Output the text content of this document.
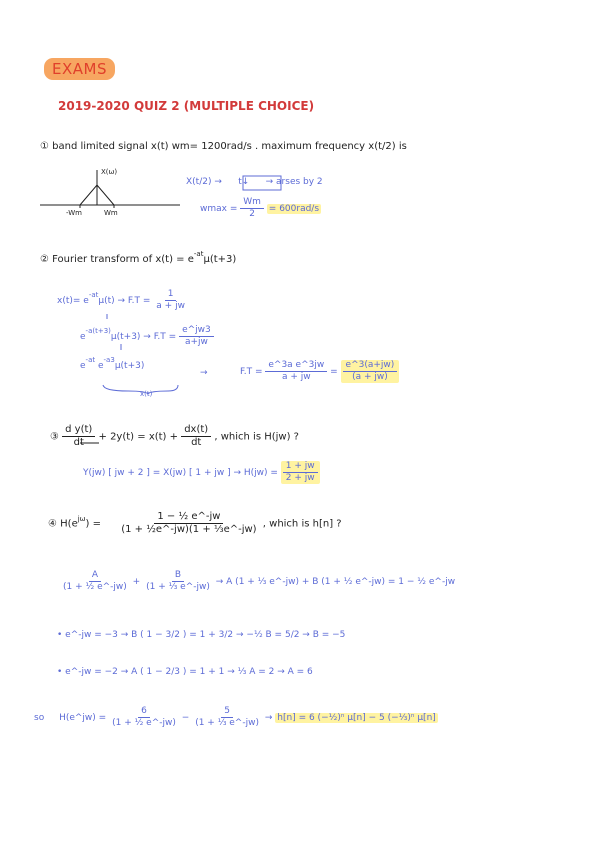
EXAMS
2019-2020 QUIZ 2 (MULTIPLE CHOICE)
① band limited signal x(t) wm= 1200rad/s . maximum frequency x(t/2) is
X(ω)
-Wm	Wm
X(t/2) → t↓ → arses by 2
$wmax = \frac{Wm}{2} = 600rad/s$
② Fourier transform of $x(t) = e^{-at}\mu(t+3)$
$x(t)= e^{-at}\mu(t) \to F.T = \frac{1}{a + jw}$
$e^{-a(t+3)}\mu(t+3) \to F.T = \frac{e\^{}jw3}{a+jw}$
$e^{-at}$ $e^{-a3}\mu(t+3)$
x(t)
→	$F.T = \frac{\text{e\textasciicircum{}3a e\textasciicircum{}3jw}}{a + jw} = \frac{e\^{}3(a+jw)}{(a + jw)}$
③ $\frac{\text{d y(t)}}{dt} + 2y(t) = x(t) + \frac{dx(t)}{dt}$ , which is H(jw) ?
Y(jw) [ jw + 2 ] = X(jw) [ 1 + jw ] → $H(jw) = \frac{1 + jw}{2 + jw}$
④ $H(e^{j\omega}) = \frac{\text{1 − ½ e\textasciicircum{}-jw}}{\text{(1 + ½e\textasciicircum{}-jw)(1 + ⅓e\textasciicircum{}-jw)}}$ , which is h[n] ?
$\frac{A}{\text{(1 + ½ e\textasciicircum{}-jw)}} + \frac{B}{\text{(1 + ⅓ e\textasciicircum{}-jw)}} \to A$ (1 + ⅓ e^-jw) + B (1 + ½ e^-jw) = 1 − ½ e^-jw
• e^-jw = −3 → B ( 1 − 3/2 ) = 1 + 3/2 → −½ B = 5/2 → B = −5
• e^-jw = −2 → A ( 1 − 2/3 ) = 1 + 1 → ⅓ A = 2 → A = 6
so H(e^jw) = $\frac{6}{\text{(1 + ½ e\textasciicircum{}-jw)}} - \frac{5}{\text{(1 + ⅓ e\textasciicircum{}-jw)}} \to h[n] = 6$ (−½)ⁿ μ[n] − 5 (−⅓)ⁿ μ[n]
